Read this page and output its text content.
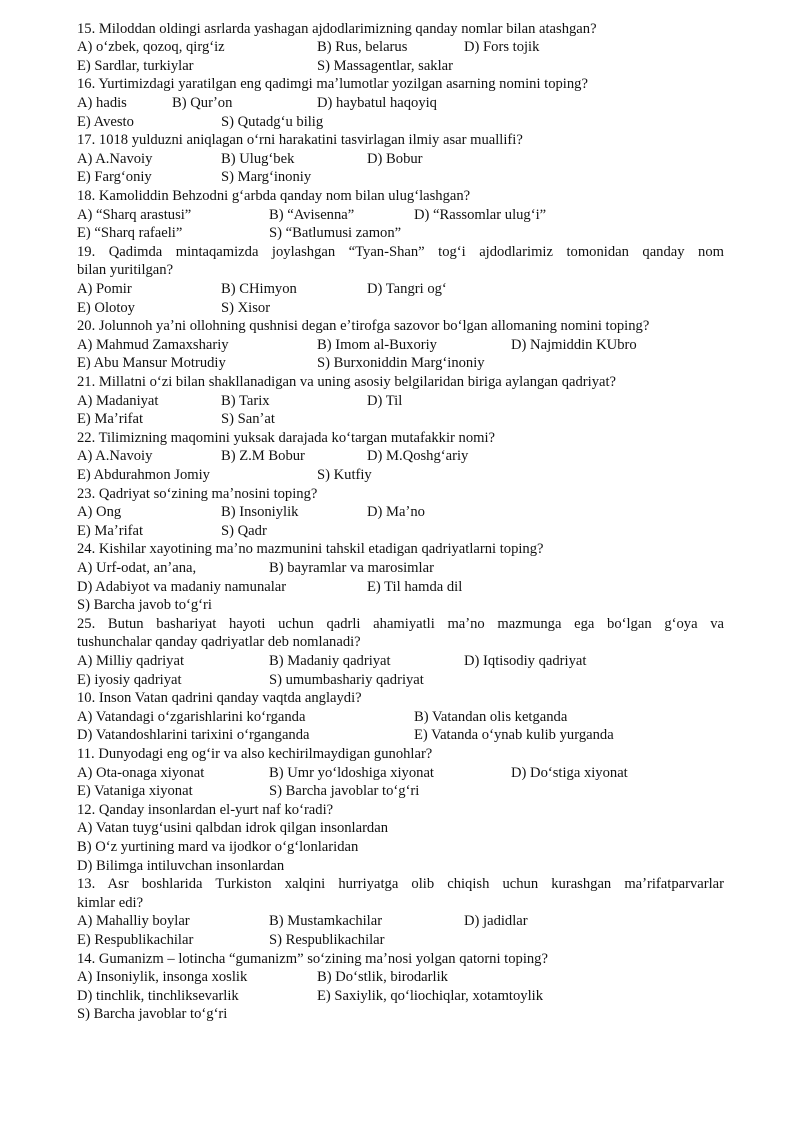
15. Miloddan oldingi asrlarda yashagan ajdodlarimizning qanday nomlar bilan atashgan?
A) oʻzbek, qozoq, qirgʻiz	B) Rus, belarus	D) Fors tojik
E) Sardlar, turkiylar	S) Massagentlar, saklar
16. Yurtimizdagi yaratilgan eng qadimgi maʼlumotlar yozilgan asarning nomini toping?
A) hadis	B) Qurʼon	D) haybatul haqoyiq
E) Avesto	S) Qutadgʻu bilig
17. 1018 yulduzni aniqlagan oʻrni harakatini tasvirlagan ilmiy asar muallifi?
A) A.Navoiy	B) Ulugʻbek	D) Bobur
E) Fargʻoniy	S) Margʻinoniy
18. Kamoliddin Behzodni gʻarbda qanday nom bilan ulugʻlashgan?
A) “Sharq arastusi”	B) “Avisenna”	D) “Rassomlar ulugʻi”
E) “Sharq rafaeli”	S) “Batlumusi zamon”
19. Qadimda mintaqamizda joylashgan “Tyan-Shan” togʻi ajdodlarimiz tomonidan qanday nom
bilan yuritilgan?
A) Pomir	B) CHimyon	D) Tangri ogʻ
E) Olotoy	S) Xisor
20. Jolunnoh yaʼni ollohning qushnisi degan eʼtirofga sazovor boʻlgan allomaning nomini toping?
A) Mahmud Zamaxshariy	B) Imom al-Buxoriy	D) Najmiddin KUbro
E) Abu Mansur Motrudiy	S) Burxoniddin Margʻinoniy
21. Millatni oʻzi bilan shakllanadigan va uning asosiy belgilaridan biriga aylangan qadriyat?
A) Madaniyat	B) Tarix	D) Til
E) Maʼrifat	S) Sanʼat
22. Tilimizning maqomini yuksak darajada koʻtargan mutafakkir nomi?
A) A.Navoiy	B) Z.M Bobur	D) M.Qoshgʻariy
E) Abdurahmon Jomiy	S) Kutfiy
23. Qadriyat soʻzining maʼnosini toping?
A) Ong	B) Insoniylik	D) Maʼno
E) Maʼrifat	S) Qadr
24. Kishilar xayotining maʼno mazmunini tahskil etadigan qadriyatlarni toping?
A) Urf-odat, anʼana,	B) bayramlar va marosimlar
D) Adabiyot va madaniy namunalar	E) Til hamda dil
S) Barcha javob toʻgʻri
25. Butun bashariyat hayoti uchun qadrli ahamiyatli maʼno mazmunga ega boʻlgan gʻoya va
tushunchalar qanday qadriyatlar deb nomlanadi?
A) Milliy qadriyat	B) Madaniy qadriyat	D) Iqtisodiy qadriyat
E) iyosiy qadriyat	S) umumbashariy qadriyat
10. Inson Vatan qadrini qanday vaqtda anglaydi?
A) Vatandagi oʻzgarishlarini koʻrganda	B) Vatandan olis ketganda
D) Vatandoshlarini tarixini oʻrganganda	E) Vatanda oʻynab kulib yurganda
11. Dunyodagi eng ogʻir va also kechirilmaydigan gunohlar?
A) Ota-onaga xiyonat	B) Umr yoʻldoshiga xiyonat	D) Doʻstiga xiyonat
E) Vataniga xiyonat	S) Barcha javoblar toʻgʻri
12. Qanday insonlardan el-yurt naf koʻradi?
A) Vatan tuygʻusini qalbdan idrok qilgan insonlardan
B) Oʻz yurtining mard va ijodkor oʻgʻlonlaridan
D) Bilimga intiluvchan insonlardan
13. Asr boshlarida Turkiston xalqini hurriyatga olib chiqish uchun kurashgan maʼrifatparvarlar
kimlar edi?
A) Mahalliy boylar	B) Mustamkachilar	D) jadidlar
E) Respublikachilar	S) Respublikachilar
14. Gumanizm – lotincha “gumanizm” soʻzining maʼnosi yolgan qatorni toping?
A) Insoniylik, insonga xoslik	B) Doʻstlik, birodarlik
D) tinchlik, tinchliksevarlik	E) Saxiylik, qoʻliochiqlar, xotamtoylik
S) Barcha javoblar toʻgʻri
